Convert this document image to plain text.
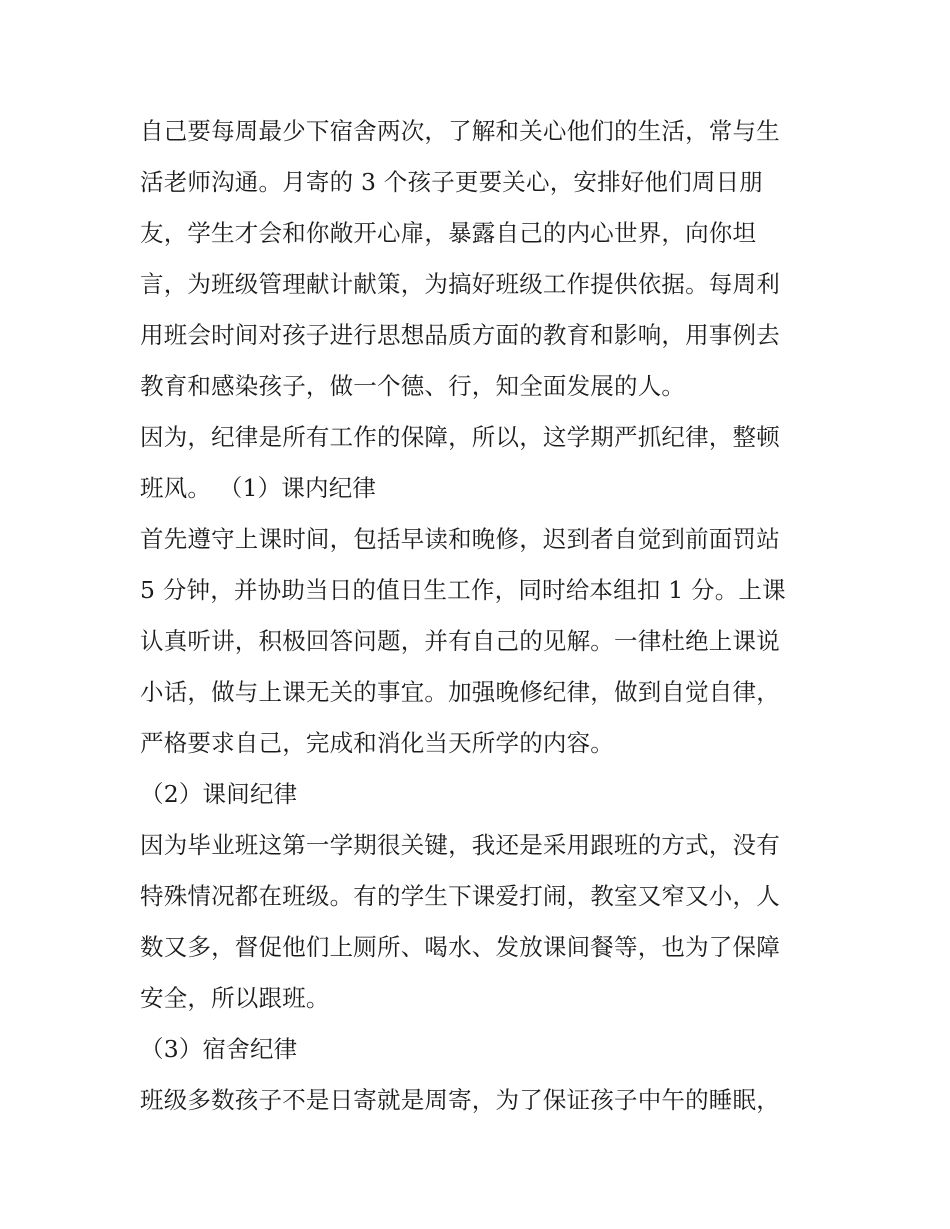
自己要每周最少下宿舍两次，了解和关心他们的生活，常与生
活老师沟通。月寄的 3 个孩子更要关心，安排好他们周日朋
友，学生才会和你敞开心扉，暴露自己的内心世界，向你坦
言，为班级管理献计献策，为搞好班级工作提供依据。每周利
用班会时间对孩子进行思想品质方面的教育和影响，用事例去
教育和感染孩子，做一个德、行，知全面发展的人。
因为，纪律是所有工作的保障，所以，这学期严抓纪律，整顿
班风。 （1）课内纪律
首先遵守上课时间，包括早读和晚修，迟到者自觉到前面罚站
5 分钟，并协助当日的值日生工作，同时给本组扣 1 分。上课
认真听讲，积极回答问题，并有自己的见解。一律杜绝上课说
小话，做与上课无关的事宜。加强晚修纪律，做到自觉自律，
严格要求自己，完成和消化当天所学的内容。
（2）课间纪律
因为毕业班这第一学期很关键，我还是采用跟班的方式，没有
特殊情况都在班级。有的学生下课爱打闹，教室又窄又小，人
数又多，督促他们上厕所、喝水、发放课间餐等，也为了保障
安全，所以跟班。
（3）宿舍纪律
班级多数孩子不是日寄就是周寄，为了保证孩子中午的睡眠，
